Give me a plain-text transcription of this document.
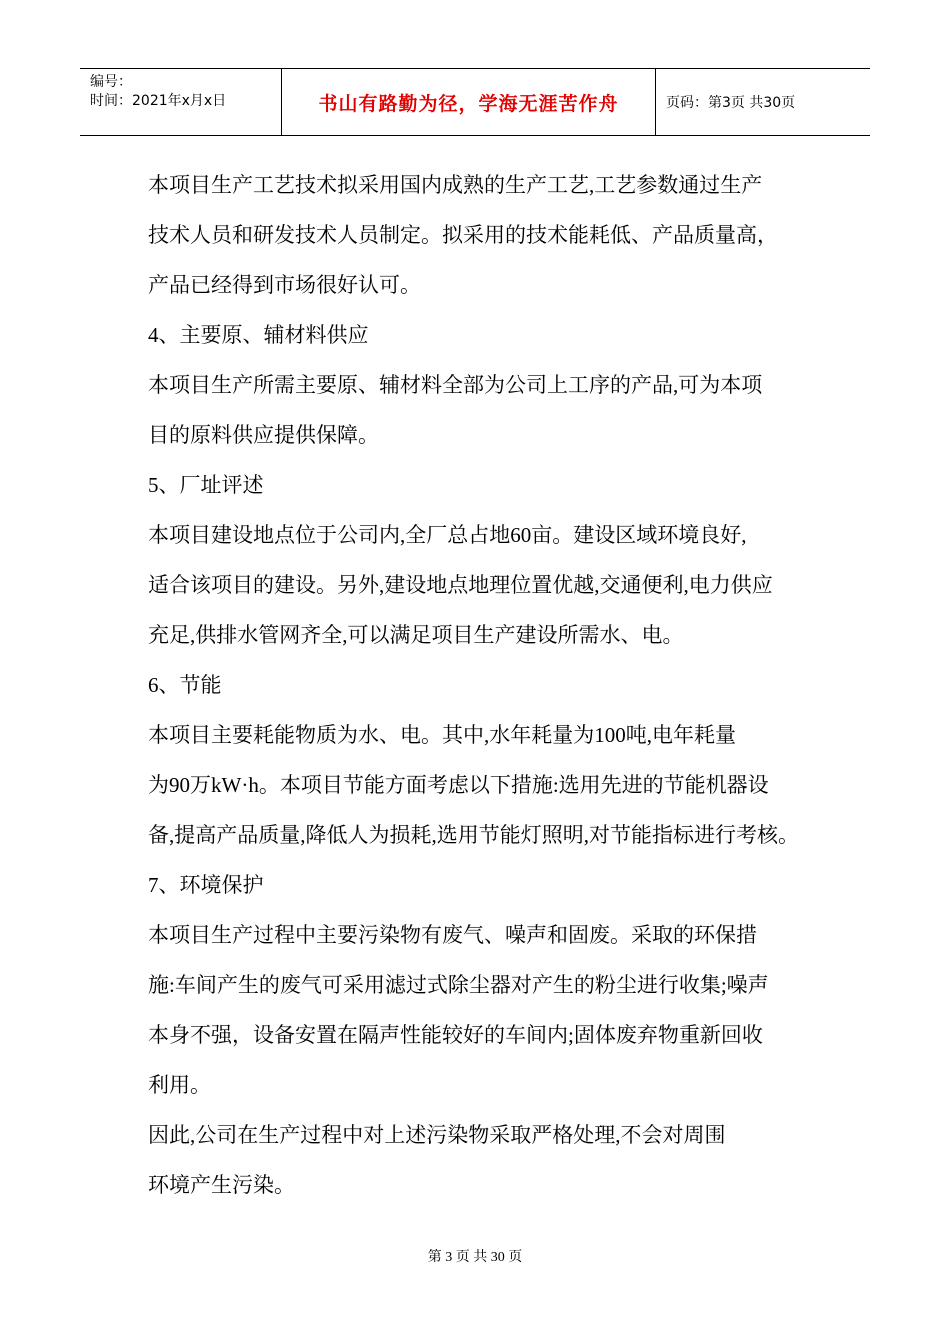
编号：
时间：2021年x月x日	书山有路勤为径，学海无涯苦作舟	页码：第3页 共30页

本项目生产工艺技术拟采用国内成熟的生产工艺,工艺参数通过生产

技术人员和研发技术人员制定。拟采用的技术能耗低、产品质量高，

产品已经得到市场很好认可。

4、主要原、辅材料供应

本项目生产所需主要原、辅材料全部为公司上工序的产品,可为本项

目的原料供应提供保障。

5、厂址评述

本项目建设地点位于公司内,全厂总占地60亩。建设区域环境良好,

适合该项目的建设。另外,建设地点地理位置优越,交通便利,电力供应

充足,供排水管网齐全,可以满足项目生产建设所需水、电。

6、节能

本项目主要耗能物质为水、电。其中,水年耗量为100吨,电年耗量

为90万kW·h。本项目节能方面考虑以下措施:选用先进的节能机器设

备,提高产品质量,降低人为损耗,选用节能灯照明,对节能指标进行考核。

7、环境保护

本项目生产过程中主要污染物有废气、噪声和固废。采取的环保措

施:车间产生的废气可采用滤过式除尘器对产生的粉尘进行收集;噪声

本身不强，设备安置在隔声性能较好的车间内;固体废弃物重新回收

利用。

因此,公司在生产过程中对上述污染物采取严格处理,不会对周围

环境产生污染。

第 3 页 共 30 页
